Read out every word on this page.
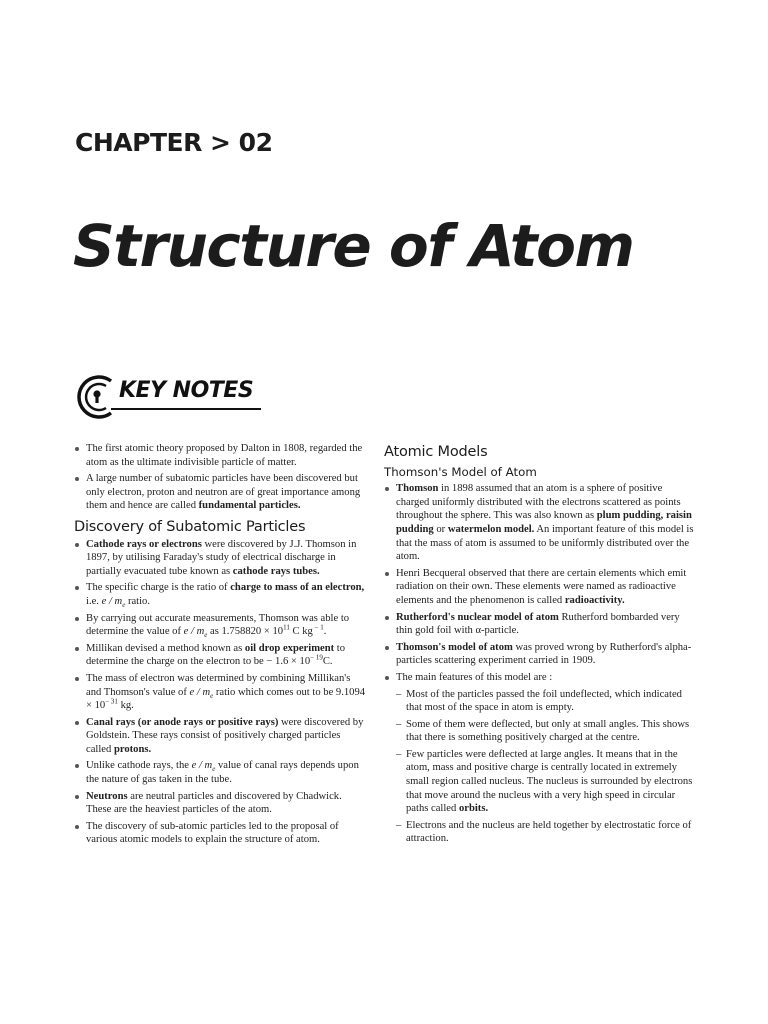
CHAPTER > 02
Structure of Atom
KEY NOTES
The first atomic theory proposed by Dalton in 1808, regarded the atom as the ultimate indivisible particle of matter.
A large number of subatomic particles have been discovered but only electron, proton and neutron are of great importance among them and hence are called fundamental particles.
Discovery of Subatomic Particles
Cathode rays or electrons were discovered by J.J. Thomson in 1897, by utilising Faraday's study of electrical discharge in partially evacuated tube known as cathode rays tubes.
The specific charge is the ratio of charge to mass of an electron, i.e. e / $m_e$ ratio.
By carrying out accurate measurements, Thomson was able to determine the value of e / $m_e$ as $1.758820 \times 10^{11}$ C kg $^{- 1}$.
Millikan devised a method known as oil drop experiment to determine the charge on the electron to be − $1.6 \times 10^{- 19}C$.
The mass of electron was determined by combining Millikan's and Thomson's value of e / $m_e$ ratio which comes out to be $9.1094 \times 10^{- 31}$ kg.
Canal rays (or anode rays or positive rays) were discovered by Goldstein. These rays consist of positively charged particles called protons.
Unlike cathode rays, the e / $m_e$ value of canal rays depends upon the nature of gas taken in the tube.
Neutrons are neutral particles and discovered by Chadwick. These are the heaviest particles of the atom.
The discovery of sub-atomic particles led to the proposal of various atomic models to explain the structure of atom.
Atomic Models
Thomson's Model of Atom
Thomson in 1898 assumed that an atom is a sphere of positive charged uniformly distributed with the electrons scattered as points throughout the sphere. This was also known as plum pudding, raisin pudding or watermelon model. An important feature of this model is that the mass of atom is assumed to be uniformly distributed over the atom.
Henri Becqueral observed that there are certain elements which emit radiation on their own. These elements were named as radioactive elements and the phenomenon is called radioactivity.
Rutherford's nuclear model of atom Rutherford bombarded very thin gold foil with α-particle.
Thomson's model of atom was proved wrong by Rutherford's alpha-particles scattering experiment carried in 1909.
The main features of this model are :
– Most of the particles passed the foil undeflected, which indicated that most of the space in atom is empty.
– Some of them were deflected, but only at small angles. This shows that there is something positively charged at the centre.
– Few particles were deflected at large angles. It means that in the atom, mass and positive charge is centrally located in extremely small region called nucleus. The nucleus is surrounded by electrons that move around the nucleus with a very high speed in circular paths called orbits.
– Electrons and the nucleus are held together by electrostatic force of attraction.
